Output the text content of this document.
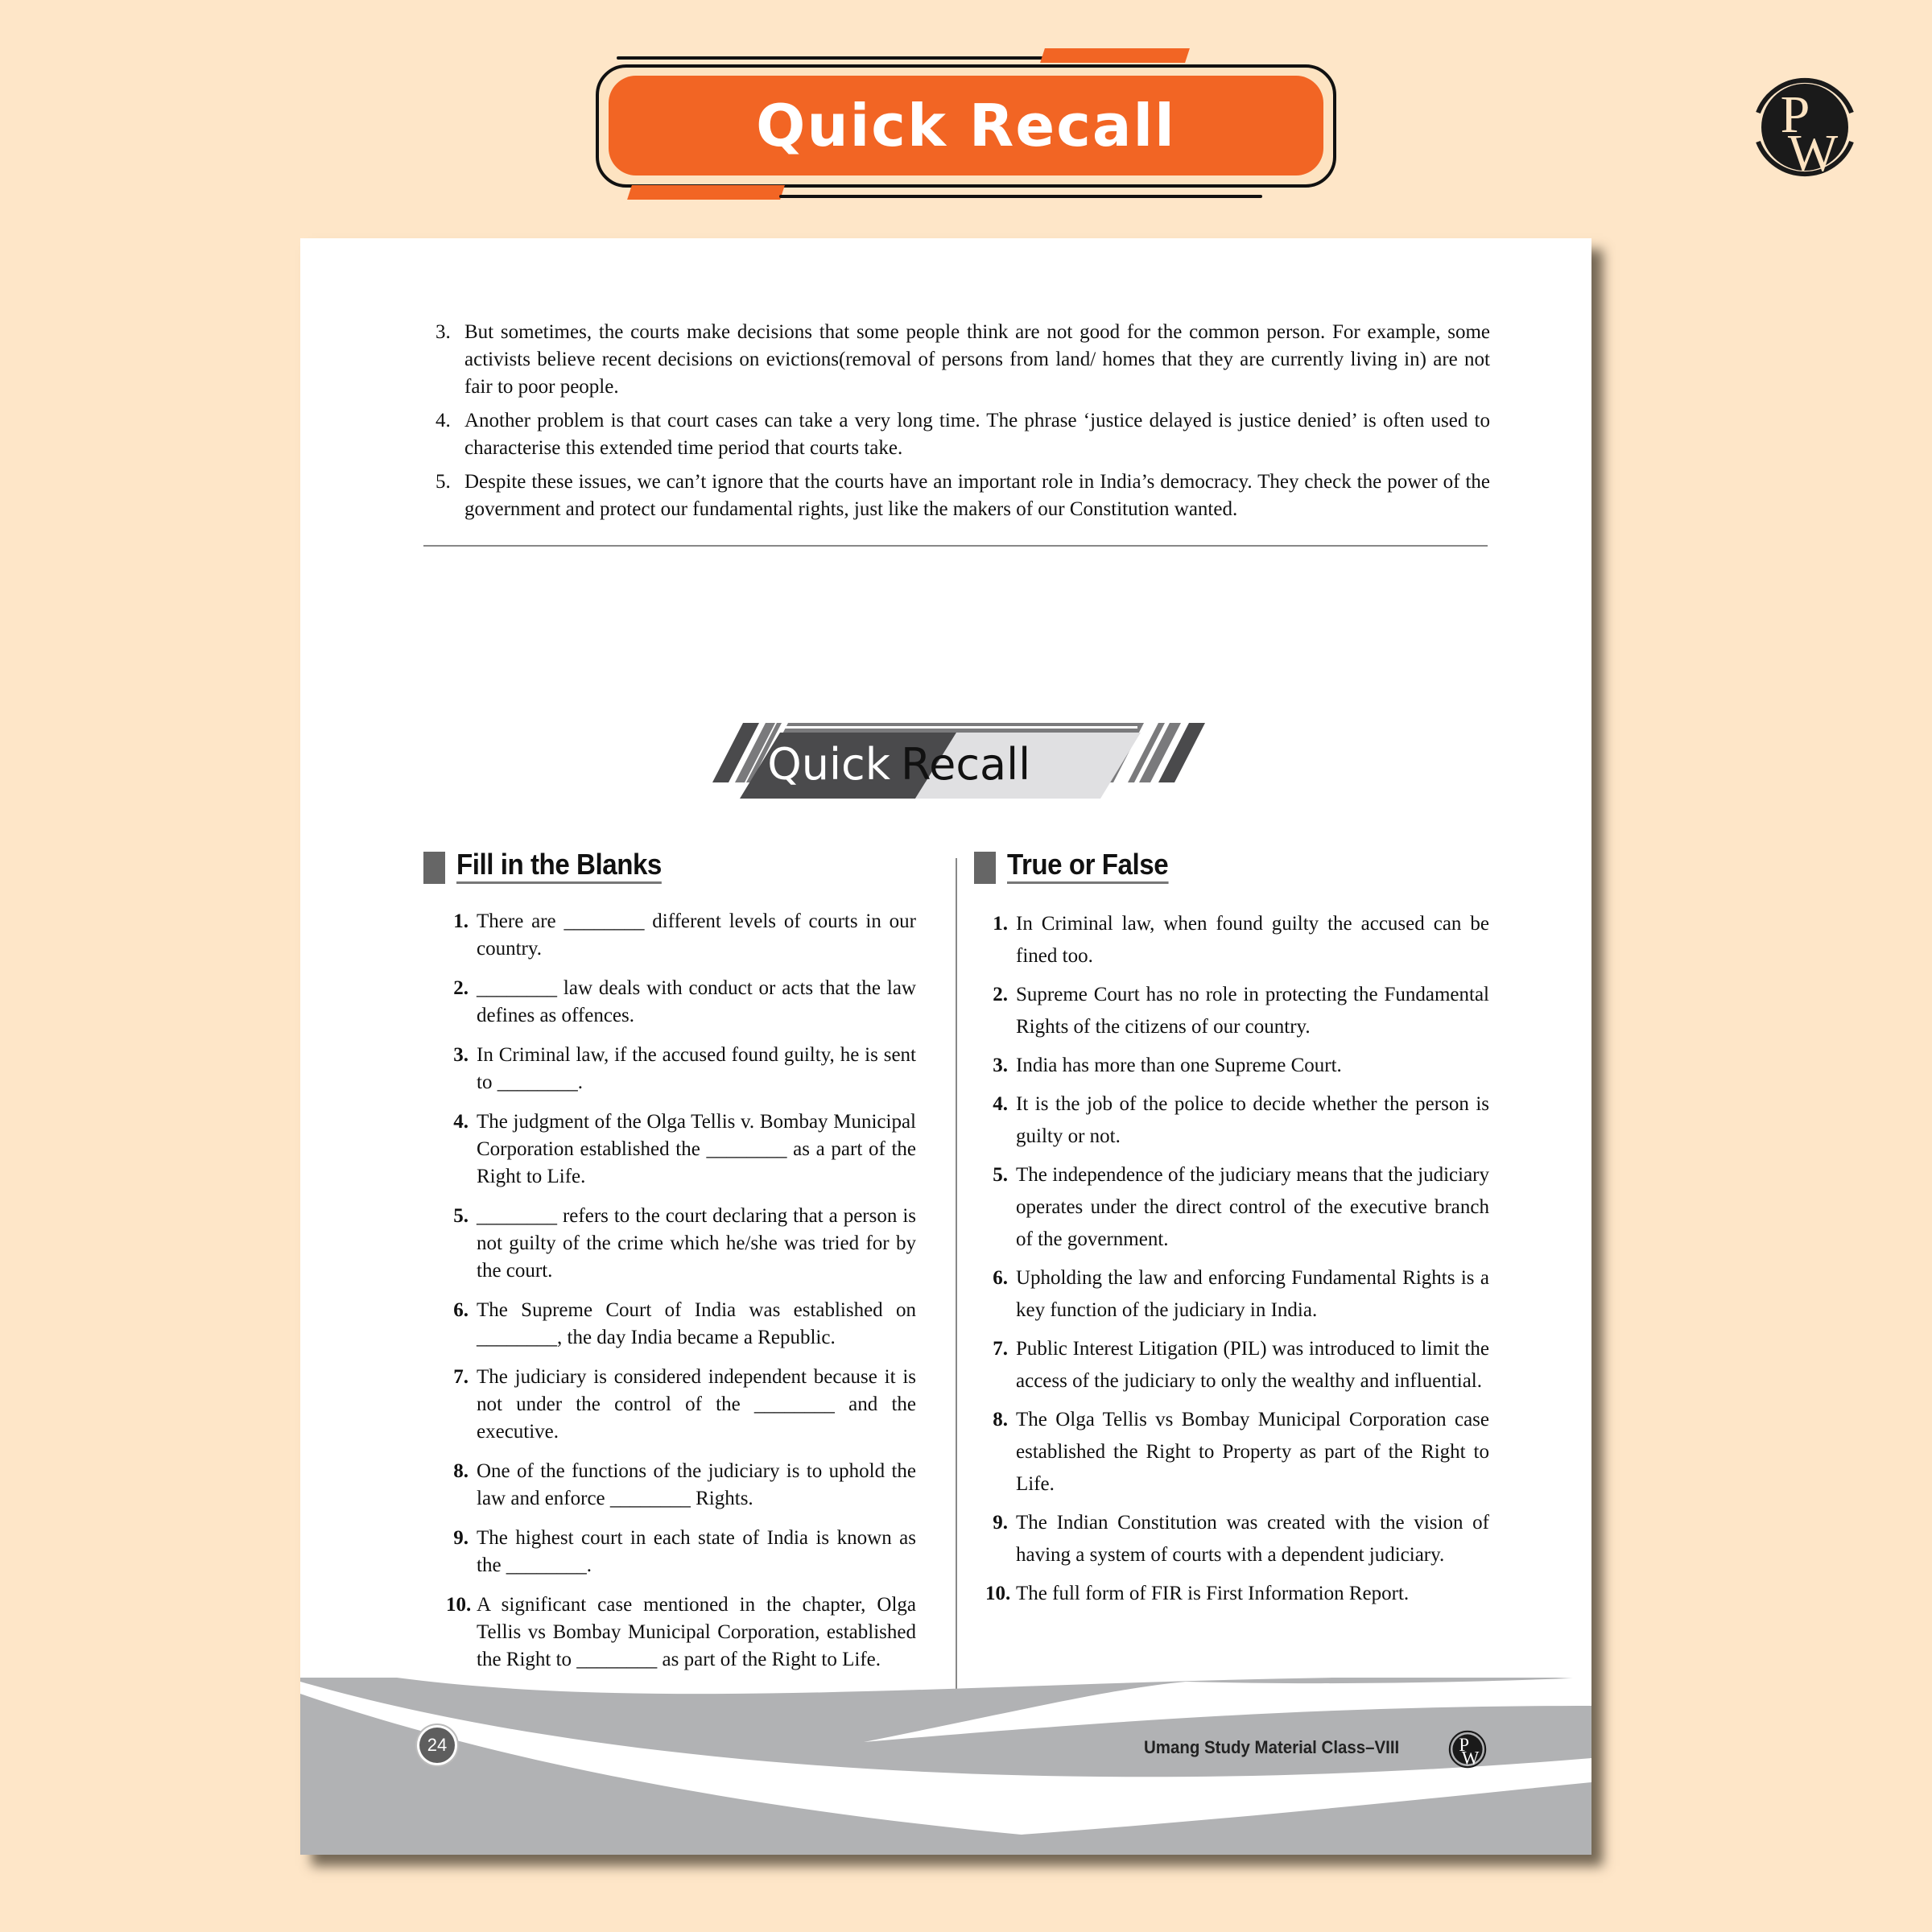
Quick Recall	P
W
3. But sometimes, the courts make decisions that some people think are not good for the common person. For example, some activists believe recent decisions on evictions(removal of persons from land/ homes that they are currently living in) are not fair to poor people.
4. Another problem is that court cases can take a very long time. The phrase ‘justice delayed is justice denied’ is often used to characterise this extended time period that courts take.
5. Despite these issues, we can’t ignore that the courts have an important role in India’s democracy. They check the power of the government and protect our fundamental rights, just like the makers of our Constitution wanted.
Quick Recall
Fill in the Blanks
1. There are ________ different levels of courts in our country.
2. ________ law deals with conduct or acts that the law defines as offences.
3. In Criminal law, if the accused found guilty, he is sent to ________.
4. The judgment of the Olga Tellis v. Bombay Municipal Corporation established the ________ as a part of the Right to Life.
5. ________ refers to the court declaring that a person is not guilty of the crime which he/she was tried for by the court.
6. The Supreme Court of India was established on ________, the day India became a Republic.
7. The judiciary is considered independent because it is not under the control of the ________ and the executive.
8. One of the functions of the judiciary is to uphold the law and enforce ________ Rights.
9. The highest court in each state of India is known as the ________.
10. A significant case mentioned in the chapter, Olga Tellis vs Bombay Municipal Corporation, established the Right to ________ as part of the Right to Life.
True or False
1. In Criminal law, when found guilty the accused can be fined too.
2. Supreme Court has no role in protecting the Fundamental Rights of the citizens of our country.
3. India has more than one Supreme Court.
4. It is the job of the police to decide whether the person is guilty or not.
5. The independence of the judiciary means that the judiciary operates under the direct control of the executive branch of the government.
6. Upholding the law and enforcing Fundamental Rights is a key function of the judiciary in India.
7. Public Interest Litigation (PIL) was introduced to limit the access of the judiciary to only the wealthy and influential.
8. The Olga Tellis vs Bombay Municipal Corporation case established the Right to Property as part of the Right to Life.
9. The Indian Constitution was created with the vision of having a system of courts with a dependent judiciary.
10. The full form of FIR is First Information Report.
24	Umang Study Material Class–VIII P
W
